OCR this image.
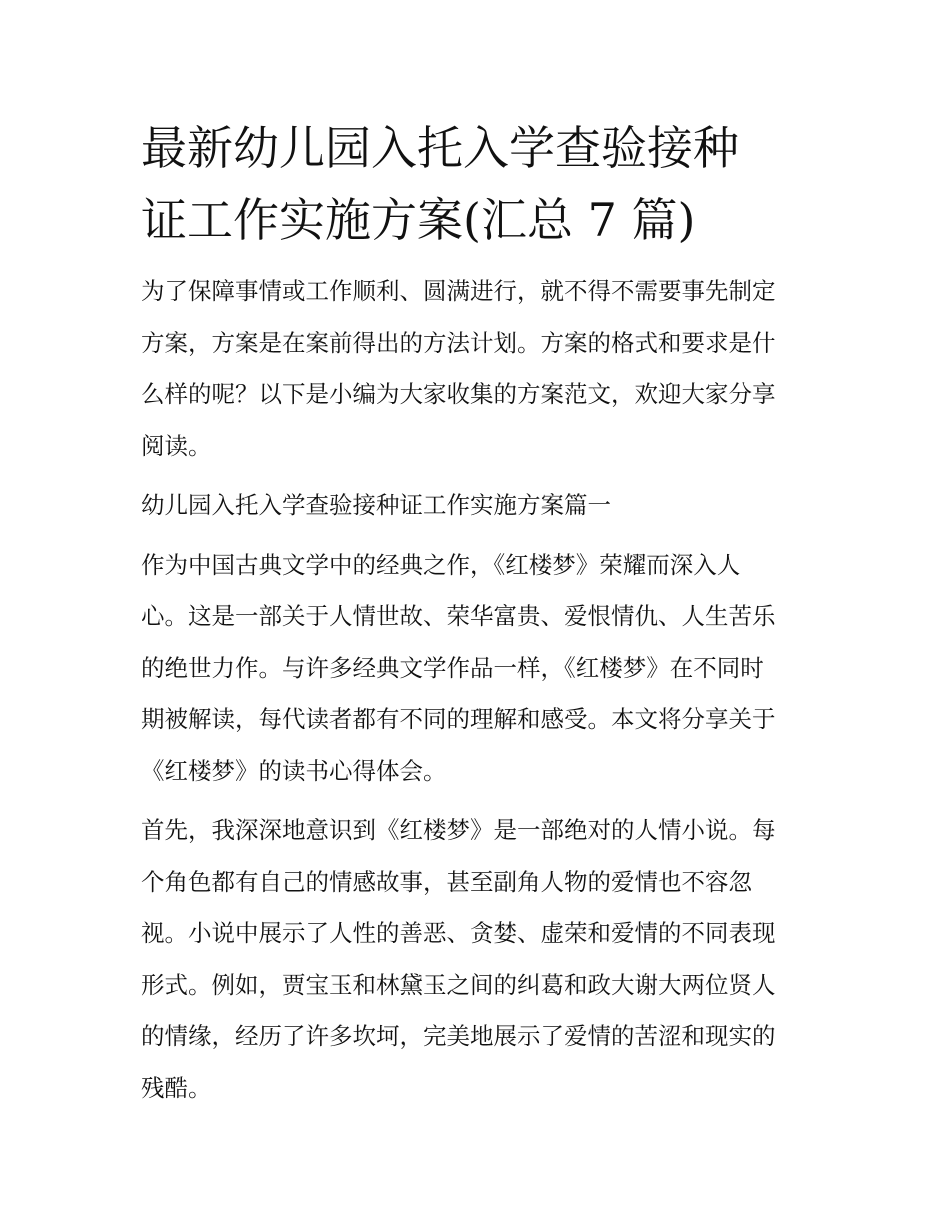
最新幼儿园入托入学查验接种
证工作实施方案(汇总 7 篇)

为了保障事情或工作顺利、圆满进行，就不得不需要事先制定
方案，方案是在案前得出的方法计划。方案的格式和要求是什
么样的呢？以下是小编为大家收集的方案范文，欢迎大家分享
阅读。

幼儿园入托入学查验接种证工作实施方案篇一

作为中国古典文学中的经典之作，《红楼梦》荣耀而深入人
心。这是一部关于人情世故、荣华富贵、爱恨情仇、人生苦乐
的绝世力作。与许多经典文学作品一样，《红楼梦》在不同时
期被解读，每代读者都有不同的理解和感受。本文将分享关于
《红楼梦》的读书心得体会。

首先，我深深地意识到《红楼梦》是一部绝对的人情小说。每
个角色都有自己的情感故事，甚至副角人物的爱情也不容忽
视。小说中展示了人性的善恶、贪婪、虚荣和爱情的不同表现
形式。例如，贾宝玉和林黛玉之间的纠葛和政大谢大两位贤人
的情缘，经历了许多坎坷，完美地展示了爱情的苦涩和现实的
残酷。
